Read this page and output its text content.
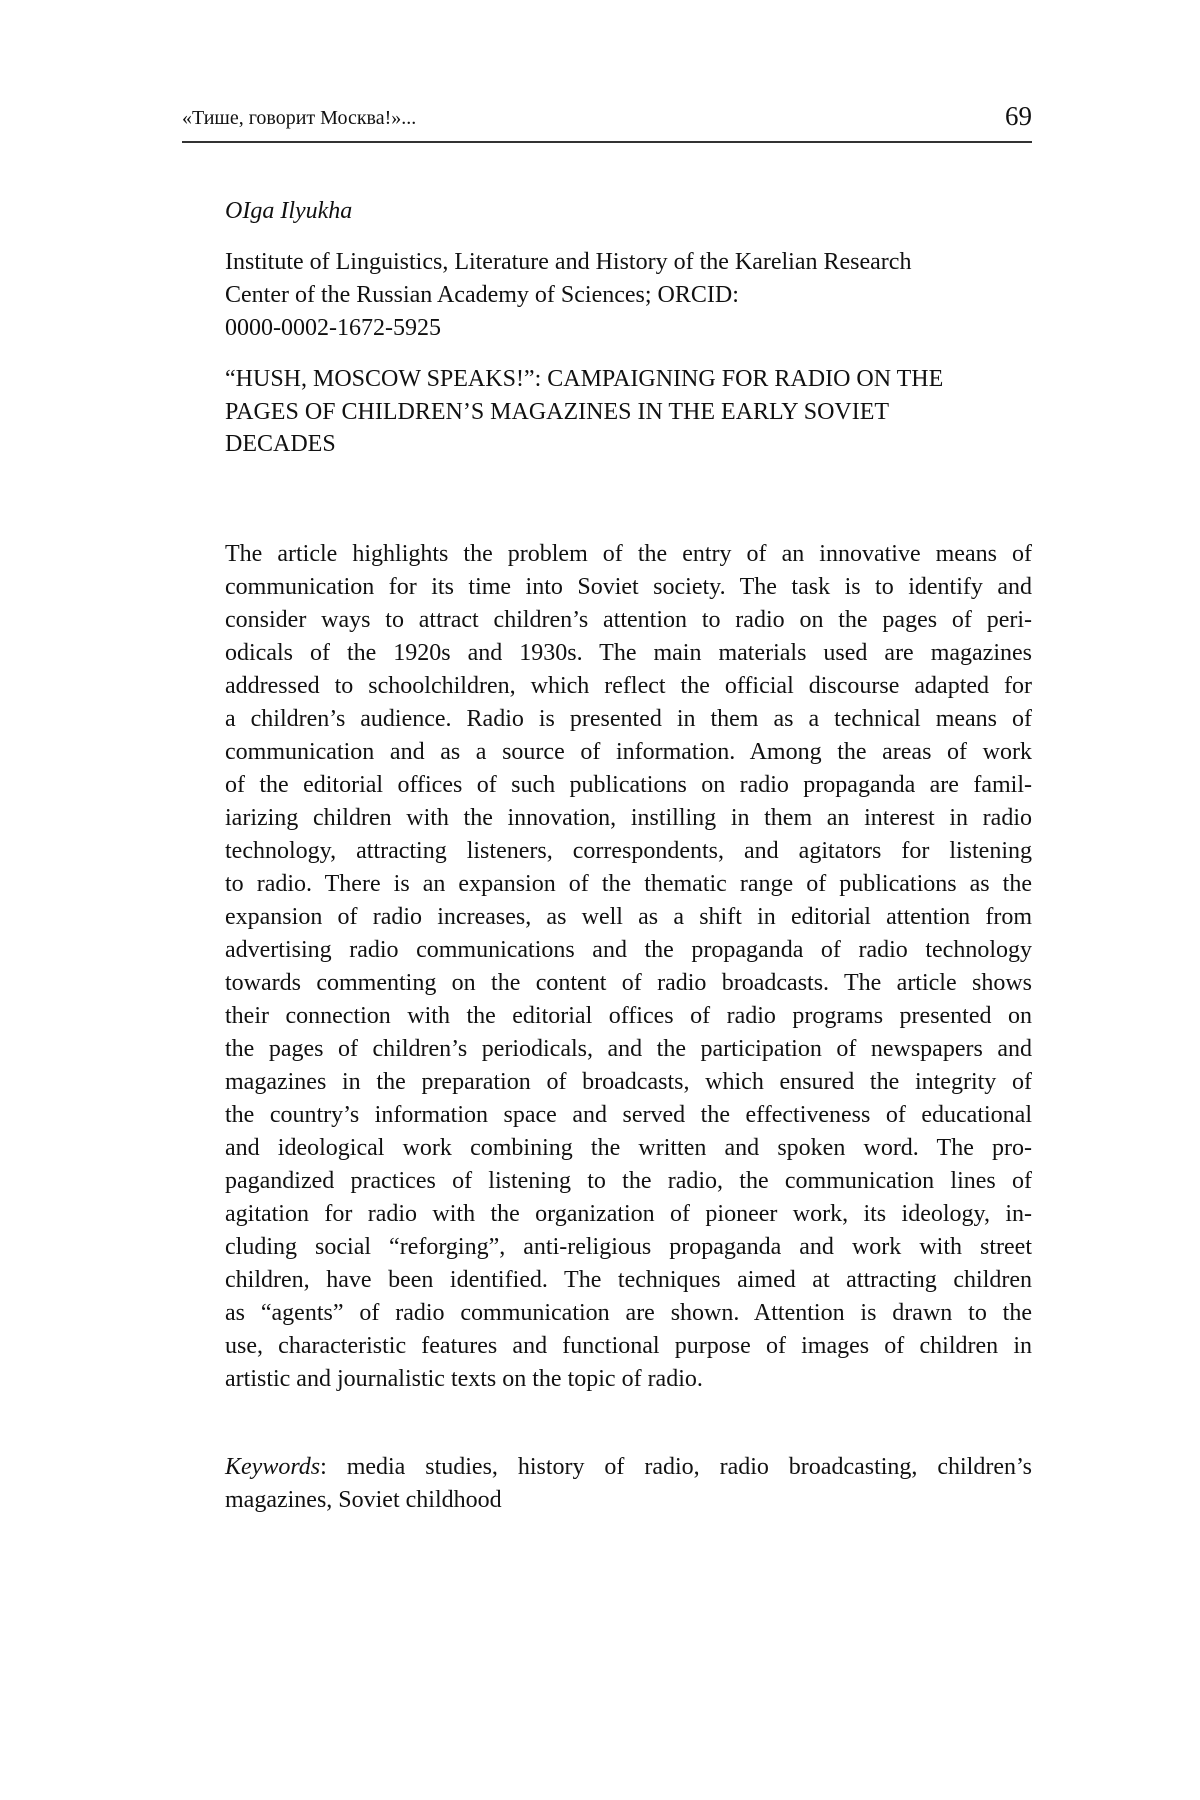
«Тише, говорит Москва!»...	69
OIga Ilyukha
Institute of Linguistics, Literature and History of the Karelian Research
Center of the Russian Academy of Sciences; ORCID:
0000-0002-1672-5925
“HUSH, MOSCOW SPEAKS!”: CAMPAIGNING FOR RADIO ON THE
PAGES OF CHILDREN’S MAGAZINES IN THE EARLY SOVIET
DECADES
The article highlights the problem of the entry of an innovative means of
communication for its time into Soviet society. The task is to identify and
consider ways to attract children’s attention to radio on the pages of peri-
odicals of the 1920s and 1930s. The main materials used are magazines
addressed to schoolchildren, which reflect the official discourse adapted for
a children’s audience. Radio is presented in them as a technical means of
communication and as a source of information. Among the areas of work
of the editorial offices of such publications on radio propaganda are famil-
iarizing children with the innovation, instilling in them an interest in radio
technology, attracting listeners, correspondents, and agitators for listening
to radio. There is an expansion of the thematic range of publications as the
expansion of radio increases, as well as a shift in editorial attention from
advertising radio communications and the propaganda of radio technology
towards commenting on the content of radio broadcasts. The article shows
their connection with the editorial offices of radio programs presented on
the pages of children’s periodicals, and the participation of newspapers and
magazines in the preparation of broadcasts, which ensured the integrity of
the country’s information space and served the effectiveness of educational
and ideological work combining the written and spoken word. The pro-
pagandized practices of listening to the radio, the communication lines of
agitation for radio with the organization of pioneer work, its ideology, in-
cluding social “reforging”, anti-religious propaganda and work with street
children, have been identified. The techniques aimed at attracting children
as “agents” of radio communication are shown. Attention is drawn to the
use, characteristic features and functional purpose of images of children in
artistic and journalistic texts on the topic of radio.
Keywords: media studies, history of radio, radio broadcasting, children’s
magazines, Soviet childhood
